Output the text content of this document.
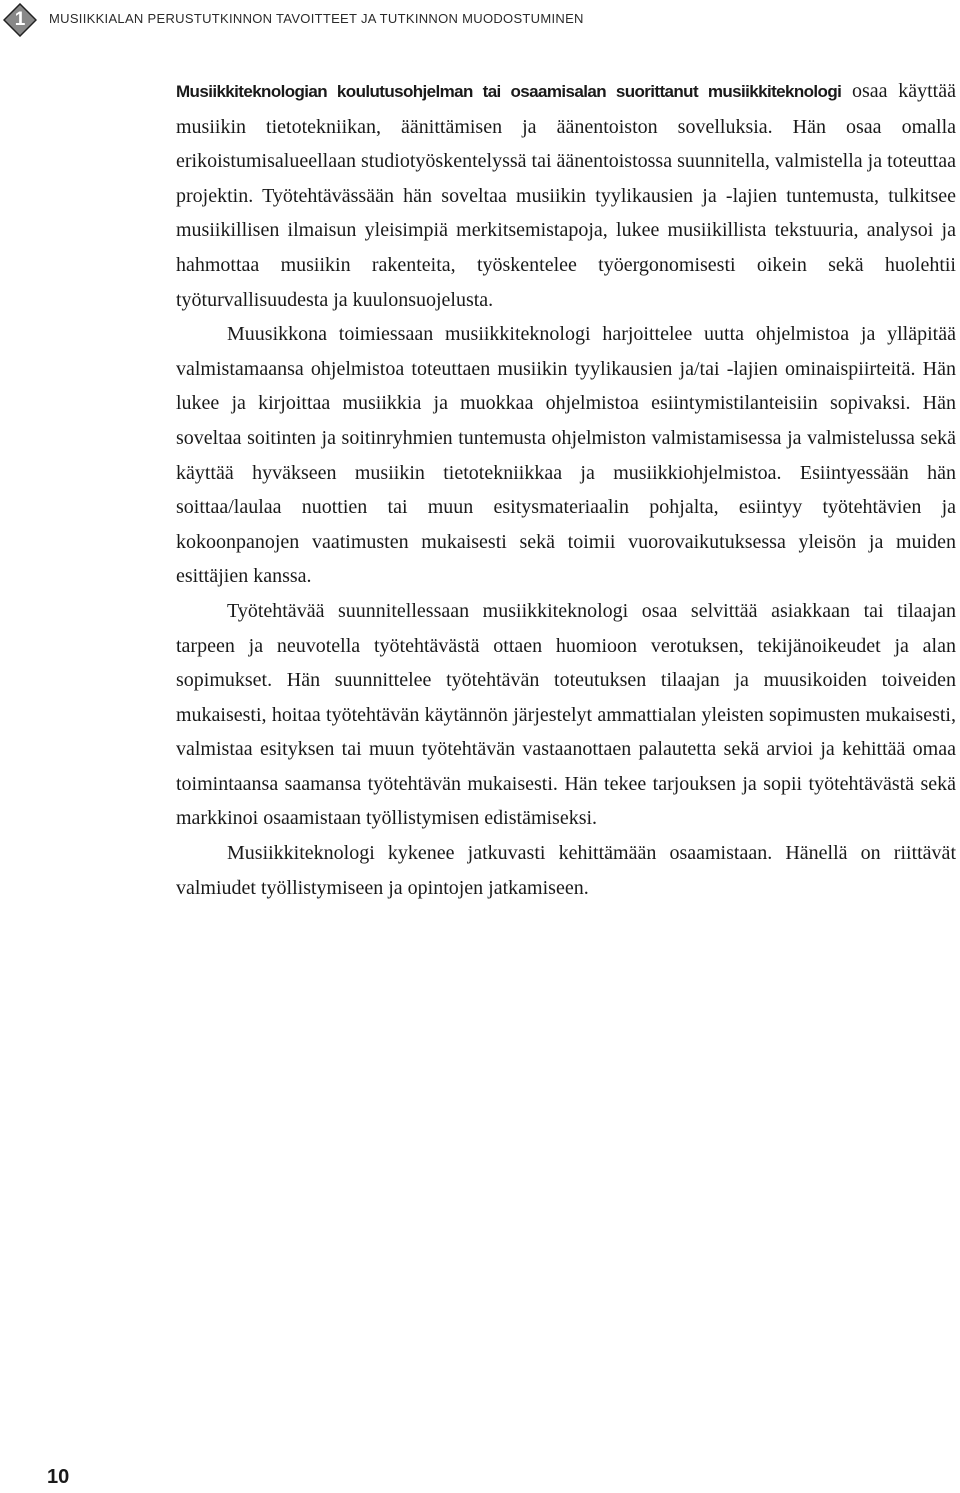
1	MUSIIKKIALAN PERUSTUTKINNON TAVOITTEET JA TUTKINNON MUODOSTUMINEN

Musiikkiteknologian koulutusohjelman tai osaamisalan suorittanut musiikkiteknologi osaa käyttää musiikin tietotekniikan, äänittämisen ja äänentoiston sovelluksia. Hän osaa omalla erikoistumisalueellaan studiotyöskentelyssä tai äänentoistossa suunnitella, valmistella ja toteuttaa projektin. Työtehtävässään hän soveltaa musiikin tyylikausien ja -lajien tuntemusta, tulkitsee musiikillisen ilmaisun yleisimpiä merkitsemistapoja, lukee musiikillista tekstuuria, analysoi ja hahmottaa musiikin rakenteita, työskentelee työergonomisesti oikein sekä huolehtii työturvallisuudesta ja kuulonsuojelusta.

Muusikkona toimiessaan musiikkiteknologi harjoittelee uutta ohjelmistoa ja ylläpitää valmistamaansa ohjelmistoa toteuttaen musiikin tyylikausien ja/tai -lajien ominaispiirteitä. Hän lukee ja kirjoittaa musiikkia ja muokkaa ohjelmistoa esiintymistilanteisiin sopivaksi. Hän soveltaa soitinten ja soitinryhmien tuntemusta ohjelmiston valmistamisessa ja valmistelussa sekä käyttää hyväkseen musiikin tietotekniikkaa ja musiikkiohjelmistoa. Esiintyessään hän soittaa/laulaa nuottien tai muun esitysmateriaalin pohjalta, esiintyy työtehtävien ja kokoonpanojen vaatimusten mukaisesti sekä toimii vuorovaikutuksessa yleisön ja muiden esittäjien kanssa.

Työtehtävää suunnitellessaan musiikkiteknologi osaa selvittää asiakkaan tai tilaajan tarpeen ja neuvotella työtehtävästä ottaen huomioon verotuksen, tekijänoikeudet ja alan sopimukset. Hän suunnittelee työtehtävän toteutuksen tilaajan ja muusikoiden toiveiden mukaisesti, hoitaa työtehtävän käytännön järjestelyt ammattialan yleisten sopimusten mukaisesti, valmistaa esityksen tai muun työtehtävän vastaanottaen palautetta sekä arvioi ja kehittää omaa toimintaansa saamansa työtehtävän mukaisesti. Hän tekee tarjouksen ja sopii työtehtävästä sekä markkinoi osaamistaan työllistymisen edistämiseksi.

Musiikkiteknologi kykenee jatkuvasti kehittämään osaamistaan. Hänellä on riittävät valmiudet työllistymiseen ja opintojen jatkamiseen.

10
